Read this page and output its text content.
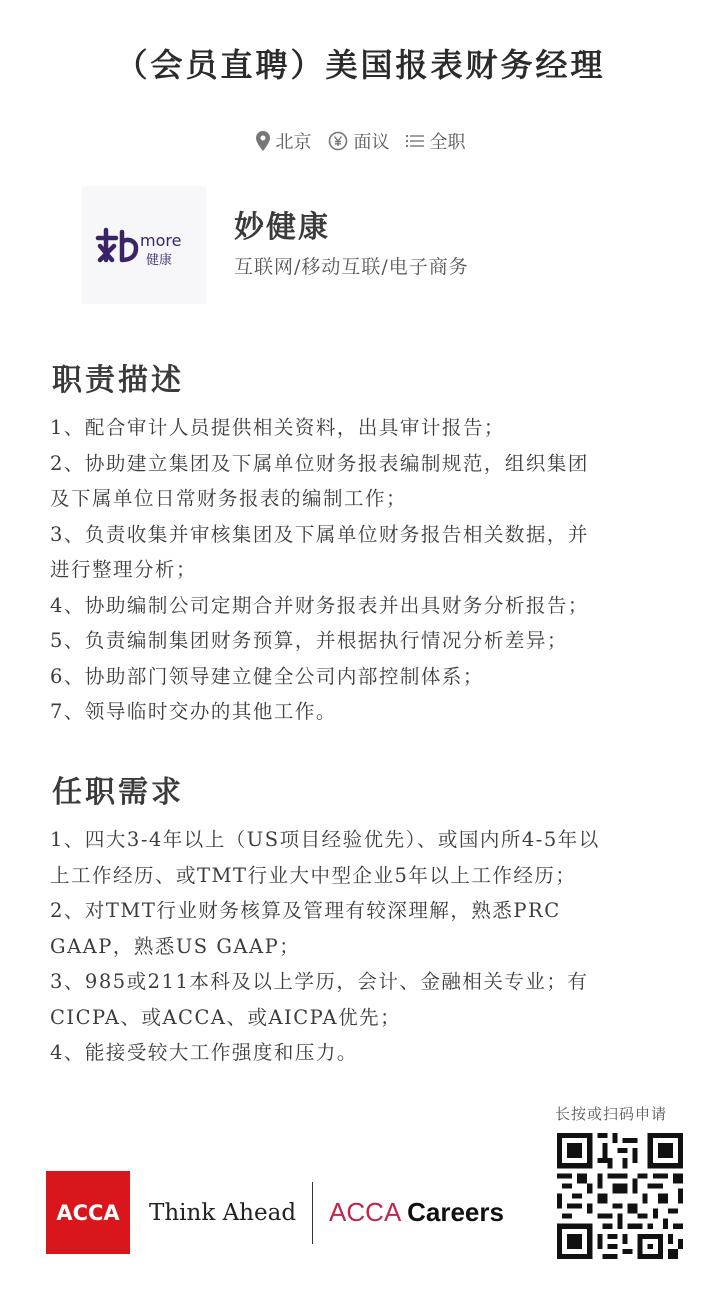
（会员直聘）美国报表财务经理
北京 面议 全职
more
健康
妙健康
互联网/移动互联/电子商务
职责描述
1、配合审计人员提供相关资料，出具审计报告；
2、协助建立集团及下属单位财务报表编制规范，组织集团
及下属单位日常财务报表的编制工作；
3、负责收集并审核集团及下属单位财务报告相关数据，并
进行整理分析；
4、协助编制公司定期合并财务报表并出具财务分析报告；
5、负责编制集团财务预算，并根据执行情况分析差异；
6、协助部门领导建立健全公司内部控制体系；
7、领导临时交办的其他工作。
任职需求
1、四大3-4年以上（US项目经验优先）、或国内所4-5年以
上工作经历、或TMT行业大中型企业5年以上工作经历；
2、对TMT行业财务核算及管理有较深理解，熟悉PRC
GAAP，熟悉US GAAP；
3、985或211本科及以上学历，会计、金融相关专业；有
CICPA、或ACCA、或AICPA优先；
4、能接受较大工作强度和压力。
ACCA	Think Ahead ACCA Careers
长按或扫码申请
